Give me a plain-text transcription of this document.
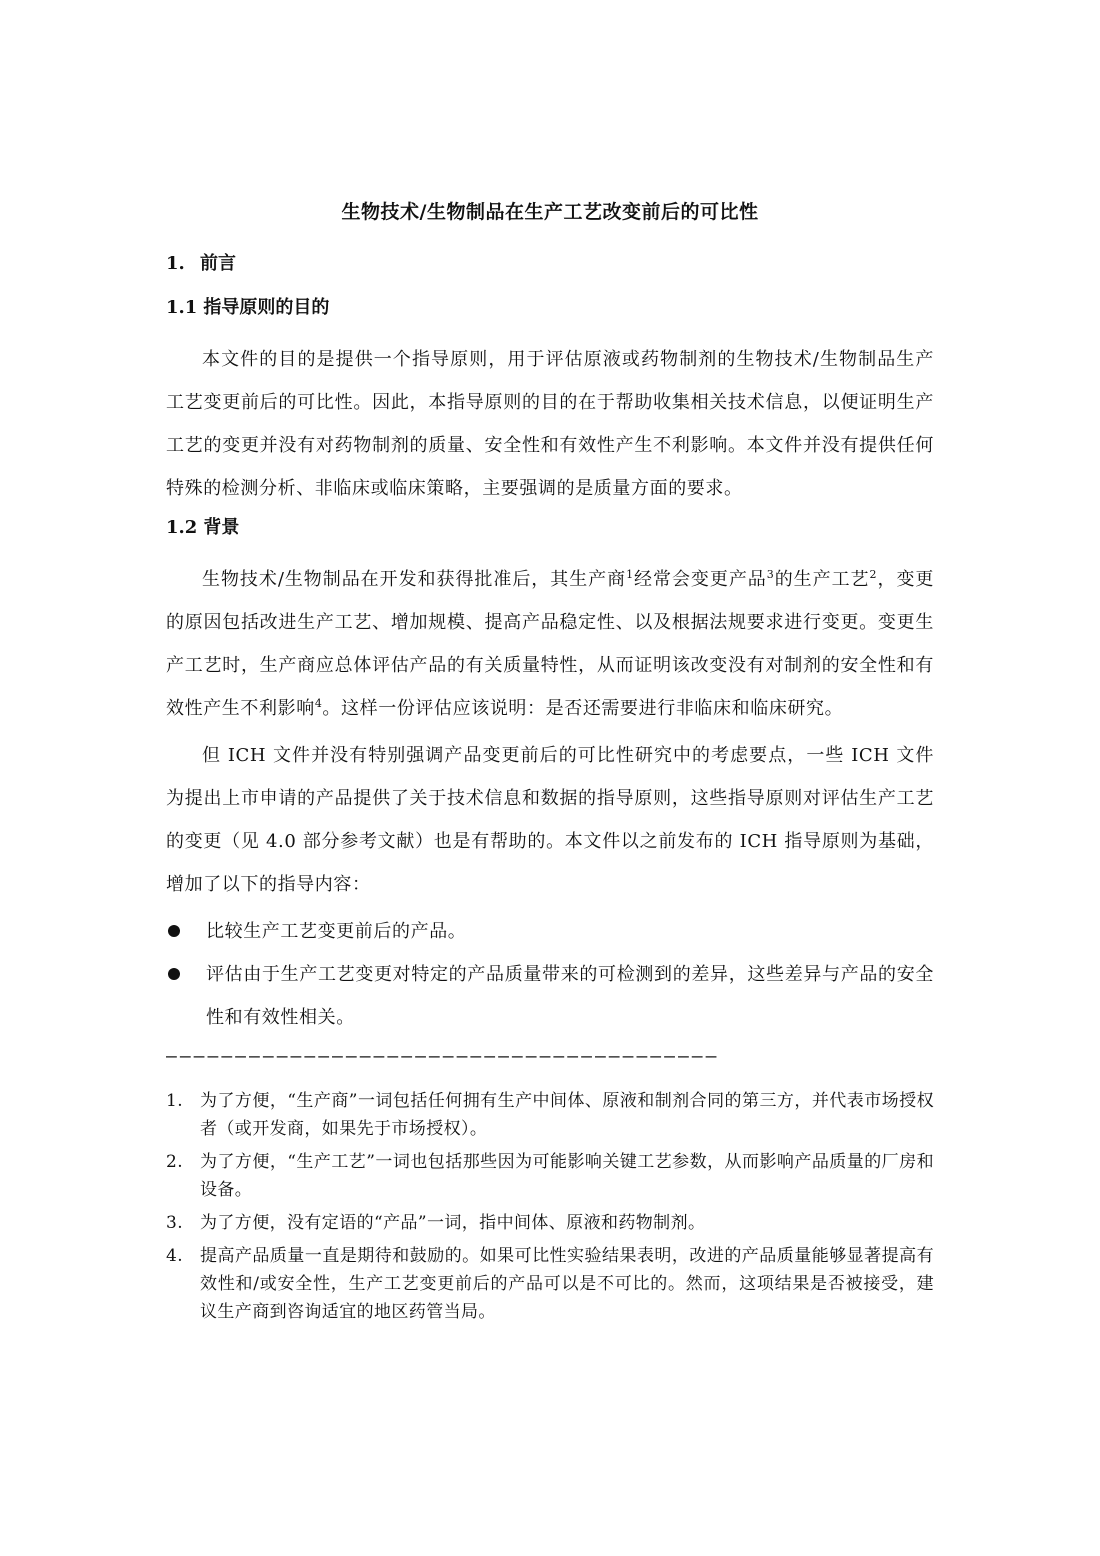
生物技术/生物制品在生产工艺改变前后的可比性
1. 前言
1.1 指导原则的目的

本文件的目的是提供一个指导原则，用于评估原液或药物制剂的生物技术/生物制品生产工艺变更前后的可比性。因此，本指导原则的目的在于帮助收集相关技术信息，以便证明生产工艺的变更并没有对药物制剂的质量、安全性和有效性产生不利影响。本文件并没有提供任何特殊的检测分析、非临床或临床策略，主要强调的是质量方面的要求。

1.2 背景

生物技术/生物制品在开发和获得批准后，其生产商$^1$经常会变更产品$^3$的生产工艺$^2$，变更的原因包括改进生产工艺、增加规模、提高产品稳定性、以及根据法规要求进行变更。变更生产工艺时，生产商应总体评估产品的有关质量特性，从而证明该改变没有对制剂的安全性和有效性产生不利影响$^4$。这样一份评估应该说明：是否还需要进行非临床和临床研究。

但 ICH 文件并没有特别强调产品变更前后的可比性研究中的考虑要点，一些 ICH 文件为提出上市申请的产品提供了关于技术信息和数据的指导原则，这些指导原则对评估生产工艺的变更（见 4.0 部分参考文献）也是有帮助的。本文件以之前发布的 ICH 指导原则为基础，增加了以下的指导内容：

比较生产工艺变更前后的产品。
评估由于生产工艺变更对特定的产品质量带来的可检测到的差异，这些差异与产品的安全性和有效性相关。
————————————————————————————————————————
1. 为了方便，“生产商”一词包括任何拥有生产中间体、原液和制剂合同的第三方，并代表市场授权者（或开发商，如果先于市场授权）。
2. 为了方便，“生产工艺”一词也包括那些因为可能影响关键工艺参数，从而影响产品质量的厂房和设备。
3. 为了方便，没有定语的“产品”一词，指中间体、原液和药物制剂。
4. 提高产品质量一直是期待和鼓励的。如果可比性实验结果表明，改进的产品质量能够显著提高有效性和/或安全性，生产工艺变更前后的产品可以是不可比的。然而，这项结果是否被接受，建议生产商到咨询适宜的地区药管当局。
